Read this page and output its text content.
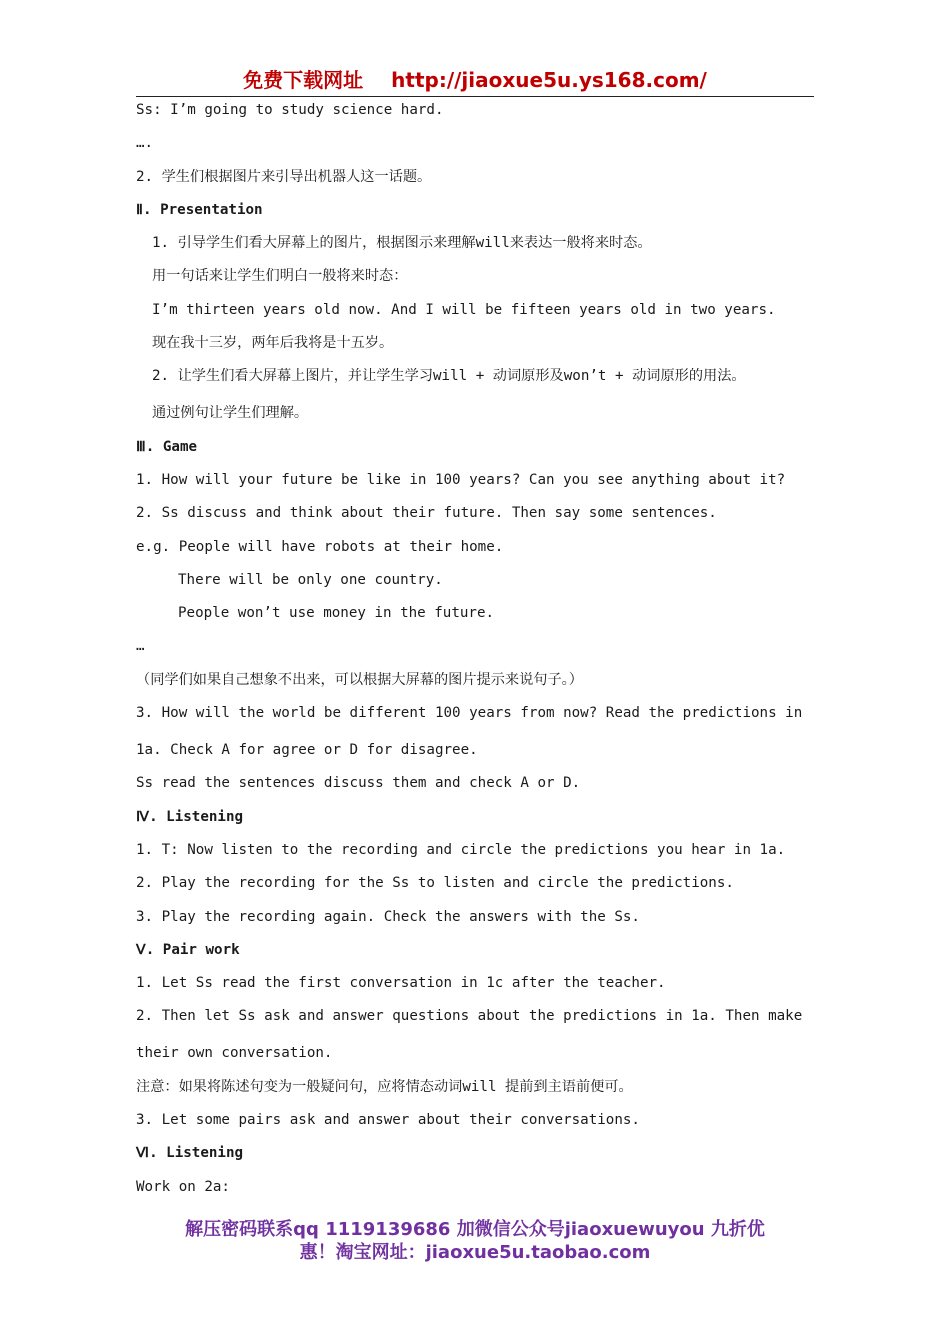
免费下载网址 http://jiaoxue5u.ys168.com/
Ss: I’m going to study science hard.
….
2. 学生们根据图片来引导出机器人这一话题。
Ⅱ. Presentation
1. 引导学生们看大屏幕上的图片，根据图示来理解will来表达一般将来时态。
用一句话来让学生们明白一般将来时态：
I’m thirteen years old now. And I will be fifteen years old in two years.
现在我十三岁，两年后我将是十五岁。
2. 让学生们看大屏幕上图片，并让学生学习will + 动词原形及won’t + 动词原形的用法。
通过例句让学生们理解。
Ⅲ. Game
1. How will your future be like in 100 years? Can you see anything about it?
2. Ss discuss and think about their future. Then say some sentences.
e.g. People will have robots at their home.
There will be only one country.
People won’t use money in the future.
…
（同学们如果自己想象不出来，可以根据大屏幕的图片提示来说句子。）
3. How will the world be different 100 years from now? Read the predictions in
1a. Check A for agree or D for disagree.
Ss read the sentences discuss them and check A or D.
Ⅳ. Listening
1. T: Now listen to the recording and circle the predictions you hear in 1a.
2. Play the recording for the Ss to listen and circle the predictions.
3. Play the recording again. Check the answers with the Ss.
Ⅴ. Pair work
1. Let Ss read the first conversation in 1c after the teacher.
2. Then let Ss ask and answer questions about the predictions in 1a. Then make
their own conversation.
注意：如果将陈述句变为一般疑问句，应将情态动词will 提前到主语前便可。
3. Let some pairs ask and answer about their conversations.
Ⅵ. Listening
Work on 2a:
解压密码联系qq 1119139686 加微信公众号jiaoxuewuyou 九折优
惠！淘宝网址：jiaoxue5u.taobao.com
